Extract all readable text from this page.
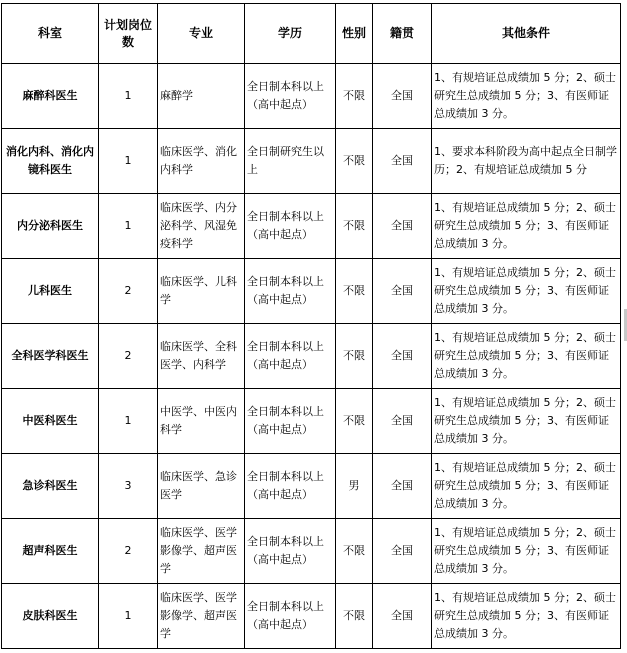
科室	计划岗位数	专业	学历	性别	籍贯	其他条件
麻醉科医生	1	麻醉学	全日制本科以上（高中起点）	不限	全国	1、有规培证总成绩加 5 分；2、硕士研究生总成绩加 5 分；3、有医师证总成绩加 3 分。
消化内科、消化内镜科医生	1	临床医学、消化内科学	全日制研究生以上	不限	全国	1、要求本科阶段为高中起点全日制学历；2、有规培证总成绩加 5 分
内分泌科医生	1	临床医学、内分泌科学、风湿免疫科学	全日制本科以上（高中起点）	不限	全国	1、有规培证总成绩加 5 分；2、硕士研究生总成绩加 5 分；3、有医师证总成绩加 3 分。
儿科医生	2	临床医学、儿科学	全日制本科以上（高中起点）	不限	全国	1、有规培证总成绩加 5 分；2、硕士研究生总成绩加 5 分；3、有医师证总成绩加 3 分。
全科医学科医生	2	临床医学、全科医学、内科学	全日制本科以上（高中起点）	不限	全国	1、有规培证总成绩加 5 分；2、硕士研究生总成绩加 5 分；3、有医师证总成绩加 3 分。
中医科医生	1	中医学、中医内科学	全日制本科以上（高中起点）	不限	全国	1、有规培证总成绩加 5 分；2、硕士研究生总成绩加 5 分；3、有医师证总成绩加 3 分。
急诊科医生	3	临床医学、急诊医学	全日制本科以上（高中起点）	男	全国	1、有规培证总成绩加 5 分；2、硕士研究生总成绩加 5 分；3、有医师证总成绩加 3 分。
超声科医生	2	临床医学、医学影像学、超声医学	全日制本科以上（高中起点）	不限	全国	1、有规培证总成绩加 5 分；2、硕士研究生总成绩加 5 分；3、有医师证总成绩加 3 分。
皮肤科医生	1	临床医学、医学影像学、超声医学	全日制本科以上（高中起点）	不限	全国	1、有规培证总成绩加 5 分；2、硕士研究生总成绩加 5 分；3、有医师证总成绩加 3 分。
